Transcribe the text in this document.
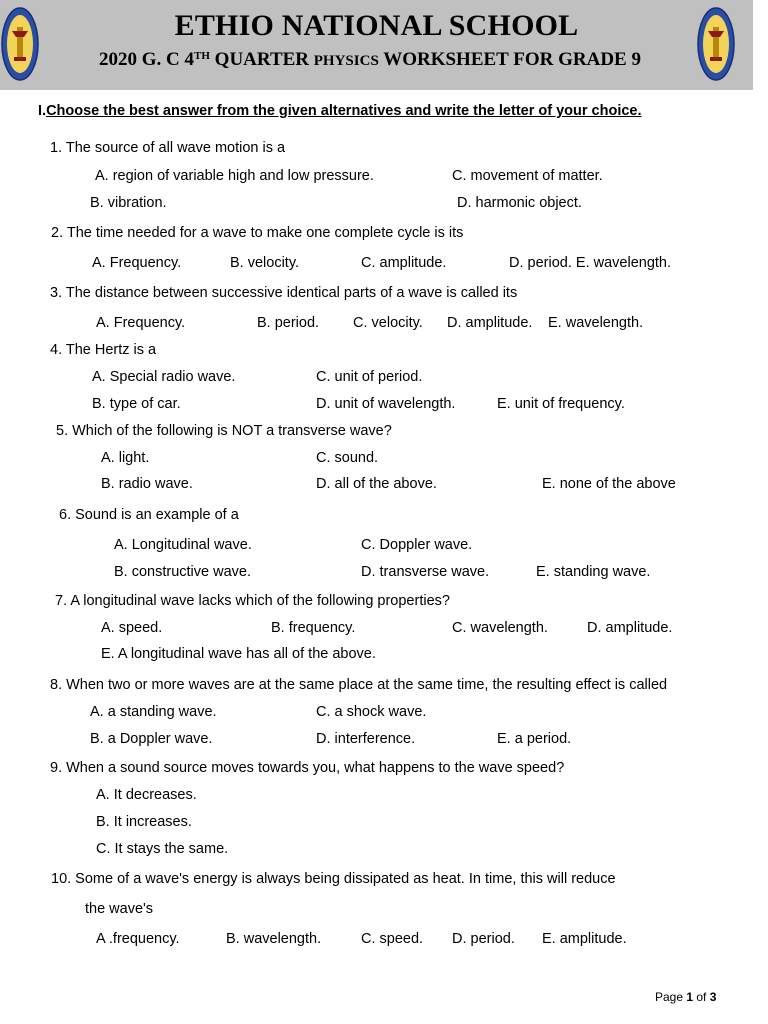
ETHIO NATIONAL SCHOOL
2020 G. C 4TH QUARTER PHYSICS WORKSHEET FOR GRADE 9
I.Choose the best answer from the given alternatives and write the letter of your choice.
1. The source of all wave motion is a
A. region of variable high and low pressure.	C. movement of matter.
B. vibration.	D. harmonic object.
2. The time needed for a wave to make one complete cycle is its
A. Frequency.	B. velocity.	C. amplitude.	D. period. E. wavelength.
3. The distance between successive identical parts of a wave is called its
A. Frequency.	B. period. C. velocity. D. amplitude. E. wavelength.
4. The Hertz is a
A. Special radio wave.	C. unit of period.
B. type of car.	D. unit of wavelength.	E. unit of frequency.
5. Which of the following is NOT a transverse wave?
A. light.	C. sound.
B. radio wave.	D. all of the above.	E. none of the above
6. Sound is an example of a
A. Longitudinal wave.	C. Doppler wave.
B. constructive wave.	D. transverse wave.	E. standing wave.
7. A longitudinal wave lacks which of the following properties?
A. speed.	B. frequency.	C. wavelength.	D. amplitude.
E. A longitudinal wave has all of the above.
8. When two or more waves are at the same place at the same time, the resulting effect is called
A. a standing wave.	C. a shock wave.
B. a Doppler wave.	D. interference.	E. a period.
9. When a sound source moves towards you, what happens to the wave speed?
A. It decreases.
B. It increases.
C. It stays the same.
10. Some of a wave's energy is always being dissipated as heat. In time, this will reduce
the wave's
A .frequency.	B. wavelength.	C. speed. D. period. E. amplitude.
Page 1 of 3
